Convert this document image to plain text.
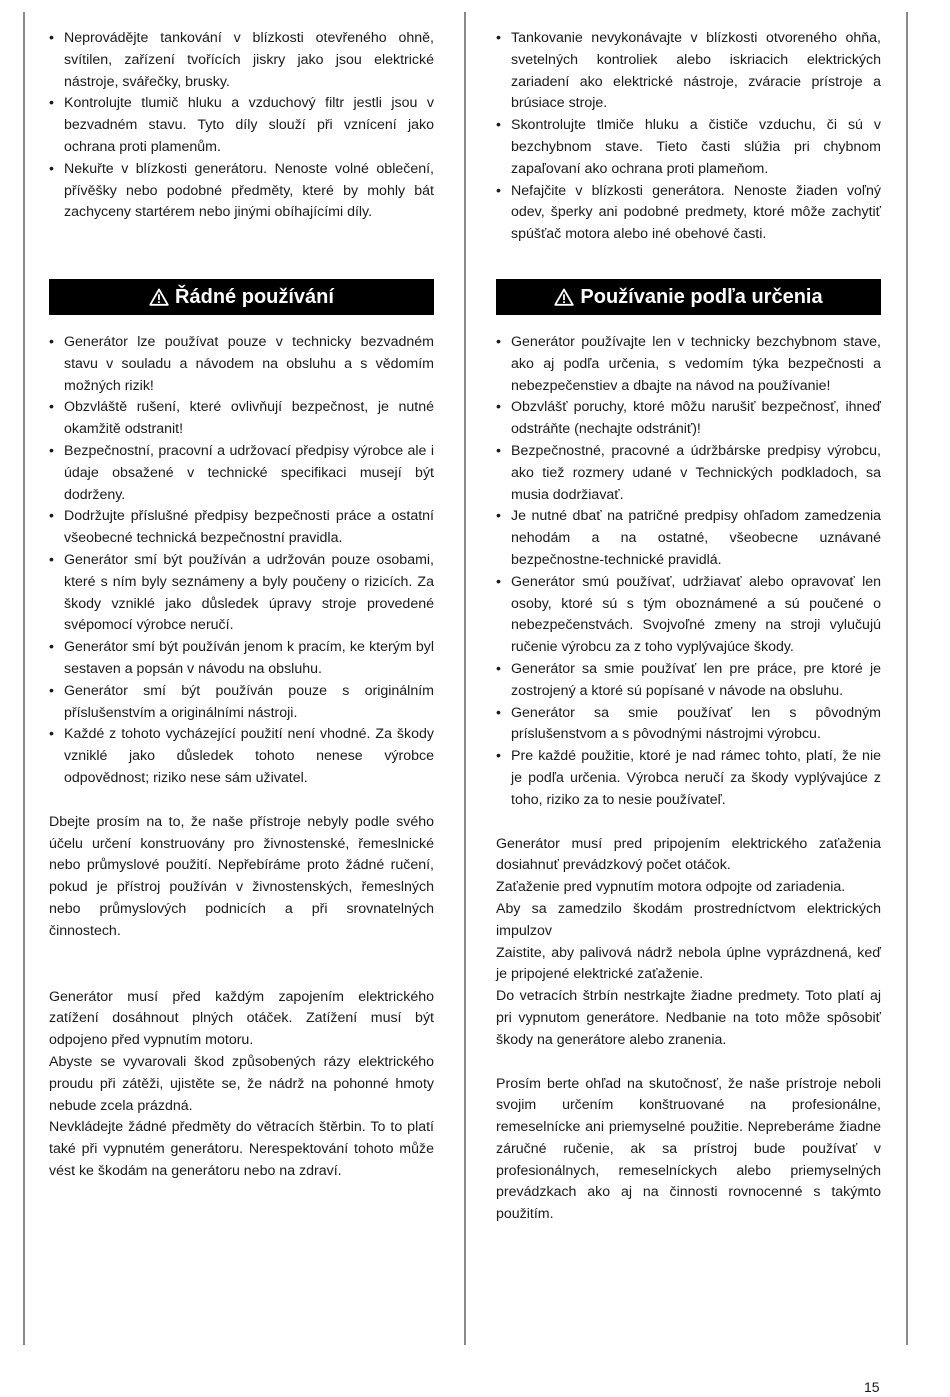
• Neprovádějte tankování v blízkosti otevřeného ohně, svítilen, zařízení tvořících jiskry jako jsou elektrické nástroje, svářečky, brusky.
• Kontrolujte tlumič hluku a vzduchový filtr jestli jsou v bezvadném stavu. Tyto díly slouží při vznícení jako ochrana proti plamenům.
• Nekuřte v blízkosti generátoru. Nenoste volné oblečení, přívěšky nebo podobné předměty, které by mohly bát zachyceny startérem nebo jinými obíhajícími díly.
Řádné používání
• Generátor lze používat pouze v technicky bezvadném stavu v souladu a návodem na obsluhu a s vědomím možných rizik!
• Obzvláště rušení, které ovlivňují bezpečnost, je nutné okamžitě odstranit!
• Bezpečnostní, pracovní a udržovací předpisy výrobce ale i údaje obsažené v technické specifikaci musejí být dodrženy.
• Dodržujte příslušné předpisy bezpečnosti práce a ostatní všeobecné technická bezpečnostní pravidla.
• Generátor smí být používán a udržován pouze osobami, které s ním byly seznámeny a byly poučeny o rizicích. Za škody vzniklé jako důsledek úpravy stroje provedené svépomocí výrobce neručí.
• Generátor smí být používán jenom k pracím, ke kterým byl sestaven a popsán v návodu na obsluhu.
• Generátor smí být používán pouze s originálním příslušenstvím a originálními nástroji.
• Každé z tohoto vycházející použití není vhodné. Za škody vzniklé jako důsledek tohoto nenese výrobce odpovědnost; riziko nese sám uživatel.

Dbejte prosím na to, že naše přístroje nebyly podle svého účelu určení konstruovány pro živnostenské, řemeslnické nebo průmyslové použití. Nepřebíráme proto žádné ručení, pokud je přístroj používán v živnostenských, řemeslných nebo průmyslových podnicích a při srovnatelných činnostech.

Generátor musí před každým zapojením elektrického zatížení dosáhnout plných otáček. Zatížení musí být odpojeno před vypnutím motoru.

Abyste se vyvarovali škod způsobených rázy elektrického proudu při zátěži, ujistěte se, že nádrž na pohonné hmoty nebude zcela prázdná.

Nevkládejte žádné předměty do větracích štěrbin. To to platí také při vypnutém generátoru. Nerespektování tohoto může vést ke škodám na generátoru nebo na zdraví.

• Tankovanie nevykonávajte v blízkosti otvoreného ohňa, svetelných kontroliek alebo iskriacich elektrických zariadení ako elektrické nástroje, zváracie prístroje a brúsiace stroje.
• Skontrolujte tlmiče hluku a čističe vzduchu, či sú v bezchybnom stave. Tieto časti slúžia pri chybnom zapaľovaní ako ochrana proti plameňom.
• Nefajčite v blízkosti generátora. Nenoste žiaden voľný odev, šperky ani podobné predmety, ktoré môže zachytiť spúšťač motora alebo iné obehové časti.
Používanie podľa určenia
• Generátor používajte len v technicky bezchybnom stave, ako aj podľa určenia, s vedomím týka bezpečnosti a nebezpečenstiev a dbajte na návod na používanie!
• Obzvlášť poruchy, ktoré môžu narušiť bezpečnosť, ihneď odstráňte (nechajte odstrániť)!
• Bezpečnostné, pracovné a údržbárske predpisy výrobcu, ako tiež rozmery udané v Technických podkladoch, sa musia dodržiavať.
• Je nutné dbať na patričné predpisy ohľadom zamedzenia nehodám a na ostatné, všeobecne uznávané bezpečnostne-technické pravidlá.
• Generátor smú používať, udržiavať alebo opravovať len osoby, ktoré sú s tým oboznámené a sú poučené o nebezpečenstvách. Svojvoľné zmeny na stroji vylučujú ručenie výrobcu za z toho vyplývajúce škody.
• Generátor sa smie používať len pre práce, pre ktoré je zostrojený a ktoré sú popísané v návode na obsluhu.
• Generátor sa smie používať len s pôvodným príslušenstvom a s pôvodnými nástrojmi výrobcu.
• Pre každé použitie, ktoré je nad rámec tohto, platí, že nie je podľa určenia. Výrobca neručí za škody vyplývajúce z toho, riziko za to nesie používateľ.

Generátor musí pred pripojením elektrického zaťaženia dosiahnuť prevádzkový počet otáčok.

Zaťaženie pred vypnutím motora odpojte od zariadenia.

Aby sa zamedzilo škodám prostredníctvom elektrických impulzov

Zaistite, aby palivová nádrž nebola úplne vyprázdnená, keď je pripojené elektrické zaťaženie.

Do vetracích štrbín nestrkajte žiadne predmety. Toto platí aj pri vypnutom generátore. Nedbanie na toto môže spôsobiť škody na generátore alebo zranenia.

Prosím berte ohľad na skutočnosť, že naše prístroje neboli svojim určením konštruované na profesionálne, remeselnícke ani priemyselné použitie. Nepreberáme žiadne záručné ručenie, ak sa prístroj bude používať v profesionálnych, remeselníckych alebo priemyselných prevádzkach ako aj na činnosti rovnocenné s takýmto použitím.

15
